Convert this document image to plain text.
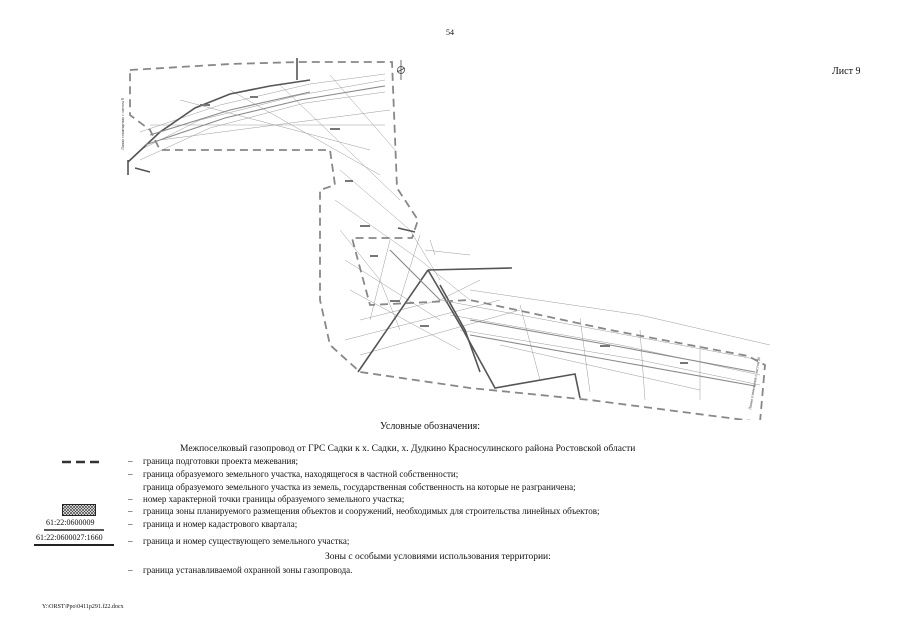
54
Лист 9
Линия совмещения с листом 8
Линия совмещения с листом 10
Условные обозначения:
Межпоселковый газопровод от ГРС Садки к х. Садки, х. Дудкино Красносулинского района Ростовской области
– граница подготовки проекта межевания;
– граница образуемого земельного участка, находящегося в частной собственности;
граница образуемого земельного участка из земель, государственная собственность на которые не разграничена;
– номер характерной точки границы образуемого земельного участка;
– граница зоны планируемого размещения объектов и сооружений, необходимых для строительства линейных объектов;
61:22:0600009	– граница и номер кадастрового квартала;
61:22:0600027:1660	– граница и номер существующего земельного участка;
Зоны с особыми условиями использования территории:
– граница устанавливаемой охранной зоны газопровода.
Y:\ORST\Ppo\0411p291.f22.docx
